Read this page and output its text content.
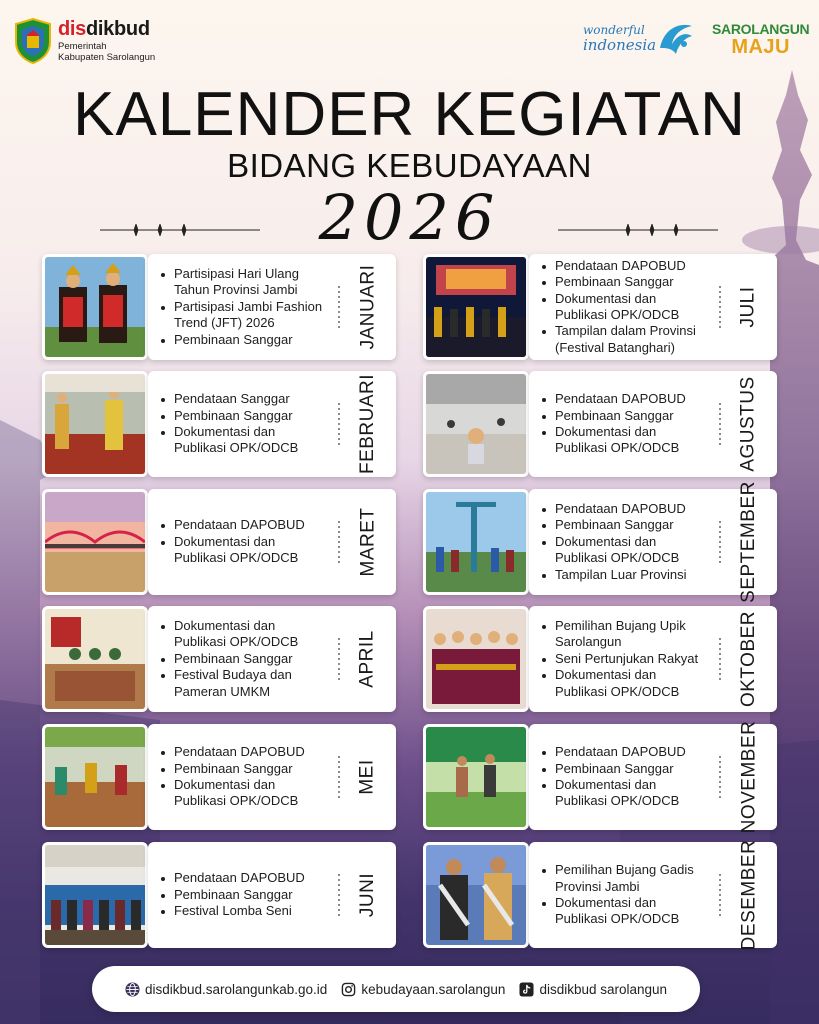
disdikbud
Pemerintah
Kabupaten Sarolangun
wonderful
indonesia
SAROLANGUN
MAJU
KALENDER KEGIATAN
BIDANG KEBUDAYAAN
2026
Partisipasi Hari Ulang Tahun Provinsi Jambi
Partisipasi Jambi Fashion Trend (JFT) 2026
Pembinaan Sanggar	JANUARI
Pendataan Sanggar
Pembinaan Sanggar
Dokumentasi dan Publikasi OPK/ODCB	FEBRUARI
Pendataan DAPOBUD
Dokumentasi dan Publikasi OPK/ODCB	MARET
Dokumentasi dan Publikasi OPK/ODCB
Pembinaan Sanggar
Festival Budaya dan Pameran UMKM
APRIL
Pendataan DAPOBUD
Pembinaan Sanggar
Dokumentasi dan Publikasi OPK/ODCB
MEI
Pendataan DAPOBUD
Pembinaan Sanggar
Festival Lomba Seni	JUNI
Pendataan DAPOBUD
Pembinaan Sanggar
Dokumentasi dan Publikasi OPK/ODCB
Tampilan dalam Provinsi (Festival Batanghari)
JULI
Pendataan DAPOBUD
Pembinaan Sanggar
Dokumentasi dan Publikasi OPK/ODCB	AGUSTUS
Pendataan DAPOBUD
Pembinaan Sanggar
Dokumentasi dan Publikasi OPK/ODCB
Tampilan Luar Provinsi	SEPTEMBER
Pemilihan Bujang Upik Sarolangun
Seni Pertunjukan Rakyat
Dokumentasi dan Publikasi OPK/ODCB	OKTOBER
Pendataan DAPOBUD
Pembinaan Sanggar
Dokumentasi dan Publikasi OPK/ODCB	NOVEMBER
Pemilihan Bujang Gadis Provinsi Jambi
Dokumentasi dan Publikasi OPK/ODCB	DESEMBER
disdikbud.sarolangunkab.go.id	kebudayaan.sarolangun	disdikbud sarolangun
